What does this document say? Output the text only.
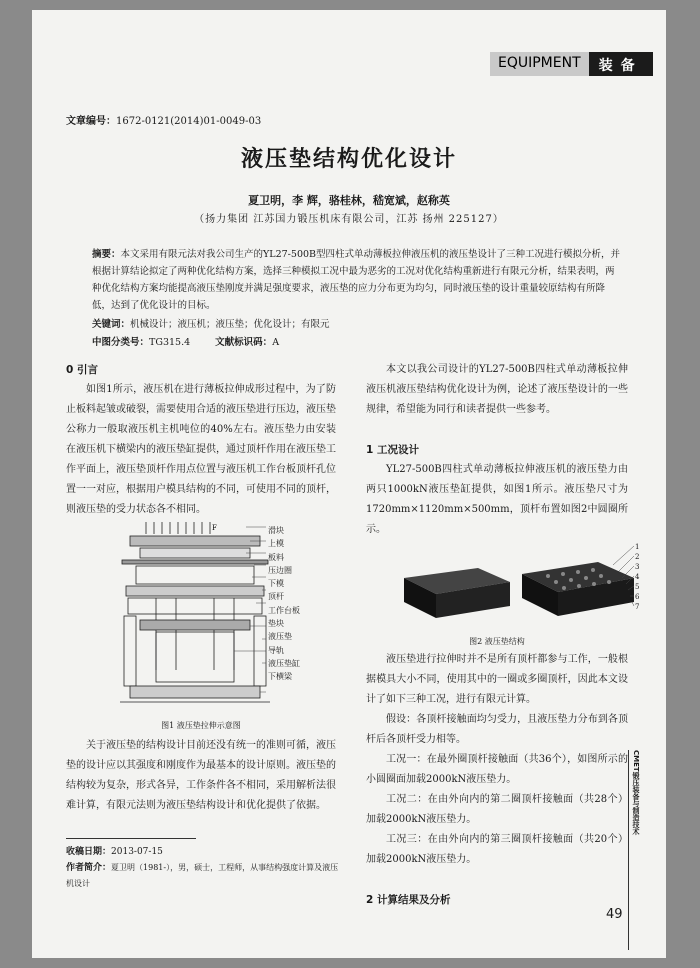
EQUIPMENT	装备
文章编号：1672-0121(2014)01-0049-03
液压垫结构优化设计
夏卫明，李 辉，骆桂林，嵇宽斌，赵称英
（扬力集团 江苏国力锻压机床有限公司，江苏 扬州 225127）
摘要：本文采用有限元法对我公司生产的YL27-500B型四柱式单动薄板拉伸液压机的液压垫设计了三种工况进行模拟分析，并根据计算结论拟定了两种优化结构方案，选择三种模拟工况中最为恶劣的工况对优化结构重新进行有限元分析，结果表明，两种优化结构方案均能提高液压垫刚度并满足强度要求，液压垫的应力分布更为均匀，同时液压垫的设计重量较原结构有所降低，达到了优化设计的目标。
关键词：机械设计；液压机；液压垫；优化设计；有限元
中图分类号：TG315.4	文献标识码：A
0 引言

如图1所示，液压机在进行薄板拉伸成形过程中，为了防止板料起皱或破裂，需要使用合适的液压垫进行压边，液压垫公称力一般取液压机主机吨位的40%左右。液压垫力由安装在液压机下横梁内的液压垫缸提供，通过顶杆作用在液压垫工作平面上，液压垫顶杆作用点位置与液压机工作台板顶杆孔位置一一对应，根据用户模具结构的不同，可使用不同的顶杆，则液压垫的受力状态各不相同。

F	滑块
上模
板料
压边圈
下模
顶杆
工作台板
垫块
液压垫
导轨
液压垫缸
下横梁
图1 液压垫拉伸示意图

关于液压垫的结构设计目前还没有统一的准则可循，液压垫的设计应以其强度和刚度作为最基本的设计原则。液压垫的结构较为复杂，形式各异，工作条件各不相同，采用解析法很难计算，有限元法则为液压垫结构设计和优化提供了依据。

收稿日期：2013-07-15
作者简介：夏卫明（1981-），男，硕士，工程师，从事结构强度计算及液压机设计

本文以我公司设计的YL27-500B四柱式单动薄板拉伸液压机液压垫结构优化设计为例，论述了液压垫设计的一些规律，希望能为同行和读者提供一些参考。

1 工况设计

YL27-500B四柱式单动薄板拉伸液压机的液压垫力由两只1000kN液压垫缸提供，如图1所示。液压垫尺寸为1720mm×1120mm×500mm，顶杆布置如图2中圆圈所示。

1
2
3
4
5
6
7
图2 液压垫结构

液压垫进行拉伸时并不是所有顶杆都参与工作，一般根据模具大小不同，使用其中的一圈或多圈顶杆，因此本文设计了如下三种工况，进行有限元计算。

假设：各顶杆接触面均匀受力，且液压垫力分布到各顶杆后各顶杆受力相等。

工况一：在最外圈顶杆接触面（共36个），如图所示的小圆圈面加载2000kN液压垫力。

工况二：在由外向内的第二圈顶杆接触面（共28个）加载2000kN液压垫力。

工况三：在由外向内的第三圈顶杆接触面（共20个）加载2000kN液压垫力。

2 计算结果及分析
CMET锻压装备与制造技术
49
